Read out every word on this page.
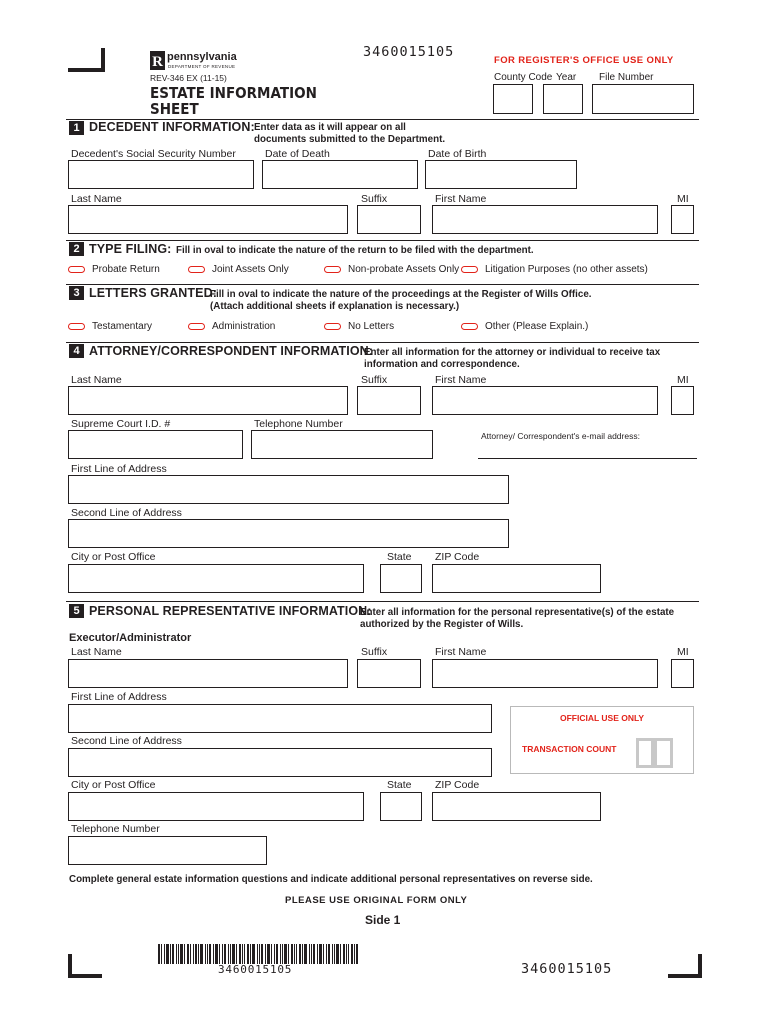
3460015105
R pennsylvania
DEPARTMENT OF REVENUE
REV-346 EX (11-15)
ESTATE INFORMATION
SHEET
FOR REGISTER'S OFFICE USE ONLY
County Code Year File Number
1 DECEDENT INFORMATION: Enter data as it will appear on all
documents submitted to the Department.
Decedent's Social Security Number	Date of Death	Date of Birth
Last Name	Suffix	First Name	MI
2 TYPE FILING: Fill in oval to indicate the nature of the return to be filed with the department.
Probate Return	Joint Assets Only	Non-probate Assets Only	Litigation Purposes (no other assets)
3 LETTERS GRANTED:
Fill in oval to indicate the nature of the proceedings at the Register of Wills Office.
(Attach additional sheets if explanation is necessary.)
Testamentary	Administration	No Letters	Other (Please Explain.)
4 ATTORNEY/CORRESPONDENT INFORMATION:
Enter all information for the attorney or individual to receive tax
information and correspondence.
Last Name	Suffix	First Name	MI
Supreme Court I.D. #	Telephone Number
Attorney/ Correspondent's e-mail address:
First Line of Address
Second Line of Address
City or Post Office	State ZIP Code
5 PERSONAL REPRESENTATIVE INFORMATION:
Enter all information for the personal representative(s) of the estate
authorized by the Register of Wills.
Executor/Administrator
Last Name	Suffix	First Name	MI
First Line of Address
Second Line of Address
City or Post Office	State ZIP Code
Telephone Number
OFFICIAL USE ONLY
TRANSACTION COUNT
Complete general estate information questions and indicate additional personal representatives on reverse side.
PLEASE USE ORIGINAL FORM ONLY
Side 1
3460015105	3460015105
